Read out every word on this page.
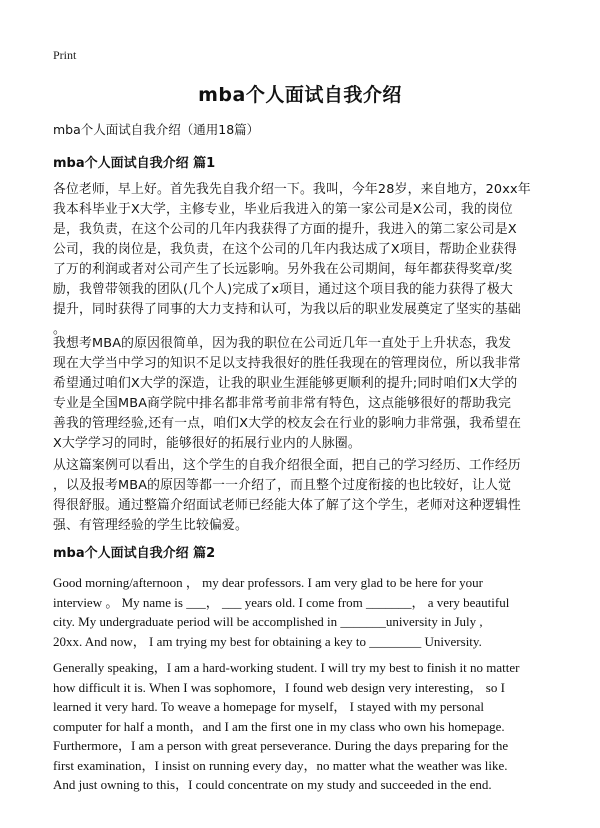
Print
mba个人面试自我介绍
mba个人面试自我介绍（通用18篇）
mba个人面试自我介绍 篇1
各位老师，早上好。首先我先自我介绍一下。我叫，今年28岁，来自地方，20xx年
我本科毕业于X大学，主修专业，毕业后我进入的第一家公司是X公司，我的岗位
是，我负责，在这个公司的几年内我获得了方面的提升，我进入的第二家公司是X
公司，我的岗位是，我负责，在这个公司的几年内我达成了X项目，帮助企业获得
了万的利润或者对公司产生了长远影响。另外我在公司期间，每年都获得奖章/奖
励，我曾带领我的团队(几个人)完成了x项目，通过这个项目我的能力获得了极大
提升，同时获得了同事的大力支持和认可，为我以后的职业发展奠定了坚实的基础
。
我想考MBA的原因很简单，因为我的职位在公司近几年一直处于上升状态，我发
现在大学当中学习的知识不足以支持我很好的胜任我现在的管理岗位，所以我非常
希望通过咱们X大学的深造，让我的职业生涯能够更顺利的提升;同时咱们X大学的
专业是全国MBA商学院中排名都非常考前非常有特色，这点能够很好的帮助我完
善我的管理经验,还有一点，咱们X大学的校友会在行业的影响力非常强，我希望在
X大学学习的同时，能够很好的拓展行业内的人脉圈。
从这篇案例可以看出，这个学生的自我介绍很全面，把自己的学习经历、工作经历
，以及报考MBA的原因等都一一介绍了，而且整个过度衔接的也比较好，让人觉
得很舒服。通过整篇介绍面试老师已经能大体了解了这个学生，老师对这种逻辑性
强、有管理经验的学生比较偏爱。
mba个人面试自我介绍 篇2
Good morning/afternoon ， my dear professors. I am very glad to be here for your
interview 。 My name is ___， ___ years old. I come from _______， a very beautiful
city. My undergraduate period will be accomplished in _______university in July ,
20xx. And now， I am trying my best for obtaining a key to ________ University.
Generally speaking，I am a hard-working student. I will try my best to finish it no matter
how difficult it is. When I was sophomore，I found web design very interesting， so I
learned it very hard. To weave a homepage for myself， I stayed with my personal
computer for half a month，and I am the first one in my class who own his homepage.
Furthermore，I am a person with great perseverance. During the days preparing for the
first examination，I insist on running every day，no matter what the weather was like.
And just owning to this，I could concentrate on my study and succeeded in the end.
